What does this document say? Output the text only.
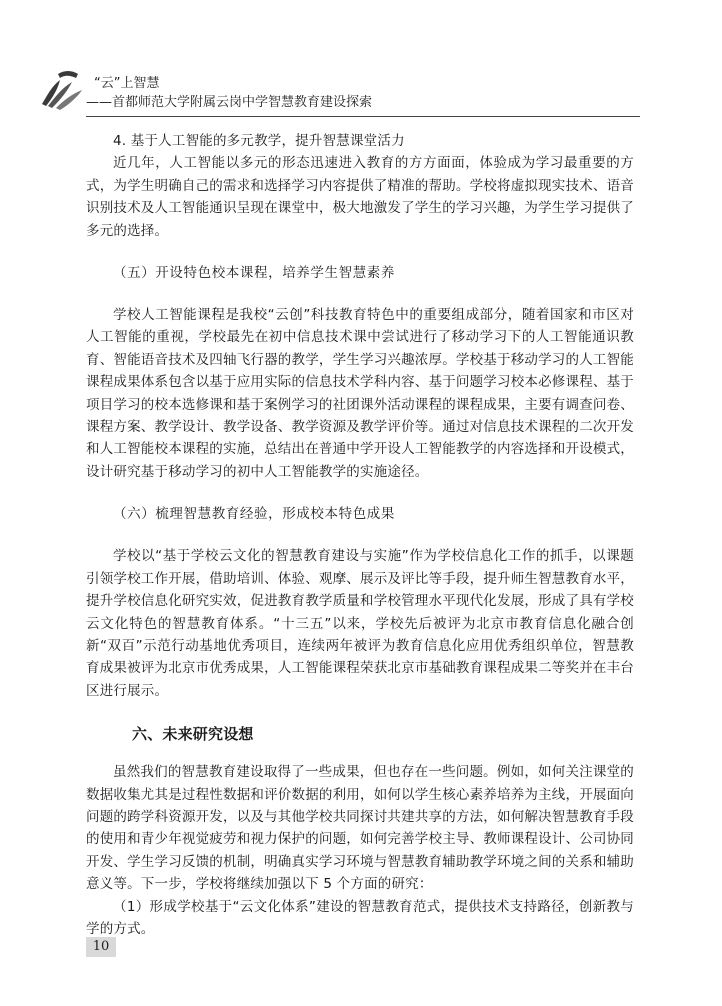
“云”上智慧
——首都师范大学附属云岗中学智慧教育建设探索

4. 基于人工智能的多元教学，提升智慧课堂活力

近几年，人工智能以多元的形态迅速进入教育的方方面面，体验成为学习最重要的方式，为学生明确自己的需求和选择学习内容提供了精准的帮助。学校将虚拟现实技术、语音识别技术及人工智能通识呈现在课堂中，极大地激发了学生的学习兴趣，为学生学习提供了多元的选择。

（五）开设特色校本课程，培养学生智慧素养

学校人工智能课程是我校“云创”科技教育特色中的重要组成部分，随着国家和市区对人工智能的重视，学校最先在初中信息技术课中尝试进行了移动学习下的人工智能通识教育、智能语音技术及四轴飞行器的教学，学生学习兴趣浓厚。学校基于移动学习的人工智能课程成果体系包含以基于应用实际的信息技术学科内容、基于问题学习校本必修课程、基于项目学习的校本选修课和基于案例学习的社团课外活动课程的课程成果，主要有调查问卷、课程方案、教学设计、教学设备、教学资源及教学评价等。通过对信息技术课程的二次开发和人工智能校本课程的实施，总结出在普通中学开设人工智能教学的内容选择和开设模式，设计研究基于移动学习的初中人工智能教学的实施途径。

（六）梳理智慧教育经验，形成校本特色成果

学校以“基于学校云文化的智慧教育建设与实施”作为学校信息化工作的抓手，以课题引领学校工作开展，借助培训、体验、观摩、展示及评比等手段，提升师生智慧教育水平，提升学校信息化研究实效，促进教育教学质量和学校管理水平现代化发展，形成了具有学校云文化特色的智慧教育体系。“十三五”以来，学校先后被评为北京市教育信息化融合创新“双百”示范行动基地优秀项目，连续两年被评为教育信息化应用优秀组织单位，智慧教育成果被评为北京市优秀成果，人工智能课程荣获北京市基础教育课程成果二等奖并在丰台区进行展示。

六、未来研究设想

虽然我们的智慧教育建设取得了一些成果，但也存在一些问题。例如，如何关注课堂的数据收集尤其是过程性数据和评价数据的利用，如何以学生核心素养培养为主线，开展面向问题的跨学科资源开发，以及与其他学校共同探讨共建共享的方法，如何解决智慧教育手段的使用和青少年视觉疲劳和视力保护的问题，如何完善学校主导、教师课程设计、公司协同开发、学生学习反馈的机制，明确真实学习环境与智慧教育辅助教学环境之间的关系和辅助意义等。下一步，学校将继续加强以下 5 个方面的研究：

（1）形成学校基于“云文化体系”建设的智慧教育范式，提供技术支持路径，创新教与学的方式。

10
